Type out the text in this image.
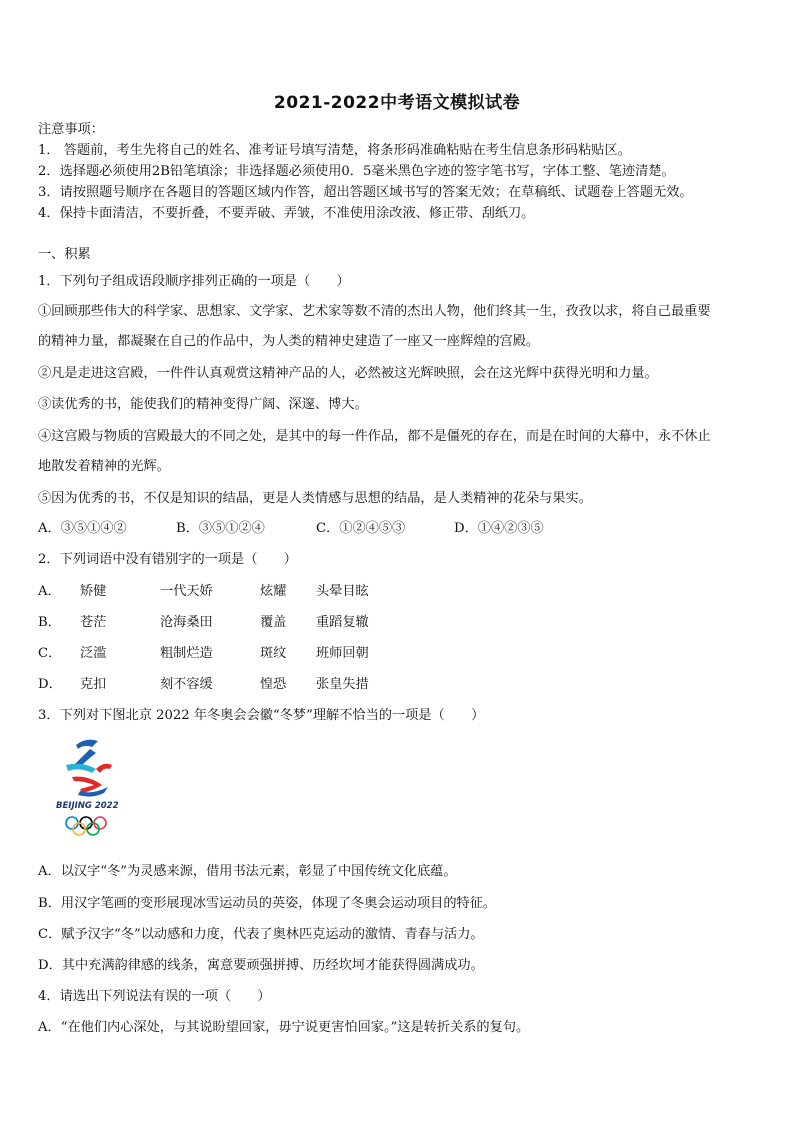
2021-2022中考语文模拟试卷
注意事项：
1． 答题前，考生先将自己的姓名、准考证号填写清楚，将条形码准确粘贴在考生信息条形码粘贴区。
2．选择题必须使用2B铅笔填涂；非选择题必须使用0．5毫米黑色字迹的签字笔书写，字体工整、笔迹清楚。
3．请按照题号顺序在各题目的答题区域内作答，超出答题区域书写的答案无效；在草稿纸、试题卷上答题无效。
4．保持卡面清洁，不要折叠，不要弄破、弄皱，不准使用涂改液、修正带、刮纸刀。
一、积累
1．下列句子组成语段顺序排列正确的一项是（　　）
①回顾那些伟大的科学家、思想家、文学家、艺术家等数不清的杰出人物，他们终其一生，孜孜以求，将自己最重要
的精神力量，都凝聚在自己的作品中，为人类的精神史建造了一座又一座辉煌的宫殿。
②凡是走进这宫殿，一件件认真观赏这精神产品的人，必然被这光辉映照，会在这光辉中获得光明和力量。
③读优秀的书，能使我们的精神变得广阔、深邃、博大。
④这宫殿与物质的宫殿最大的不同之处，是其中的每一件作品，都不是僵死的存在，而是在时间的大幕中，永不休止
地散发着精神的光辉。
⑤因为优秀的书，不仅是知识的结晶，更是人类情感与思想的结晶，是人类精神的花朵与果实。
A．③⑤①④②	B．③⑤①②④	C．①②④⑤③	D．①④②③⑤
2．下列词语中没有错别字的一项是（　　）
A． 矫健	一代天娇	炫耀 头晕目眩
B． 苍茫	沧海桑田	覆盖 重蹈复辙
C． 泛滥	粗制烂造	斑纹 班师回朝
D． 克扣	刻不容缓	惶恐 张皇失措
3．下列对下图北京 2022 年冬奥会会徽“冬梦”理解不恰当的一项是（　　）
BEIJING 2022
A．以汉字“冬”为灵感来源，借用书法元素，彰显了中国传统文化底蕴。
B．用汉字笔画的变形展现冰雪运动员的英姿，体现了冬奥会运动项目的特征。
C．赋予汉字“冬”以动感和力度，代表了奥林匹克运动的激情、青春与活力。
D．其中充满韵律感的线条，寓意要顽强拼搏、历经坎坷才能获得圆满成功。
4．请选出下列说法有误的一项（　　）
A．“在他们内心深处，与其说盼望回家，毋宁说更害怕回家。”这是转折关系的复句。
